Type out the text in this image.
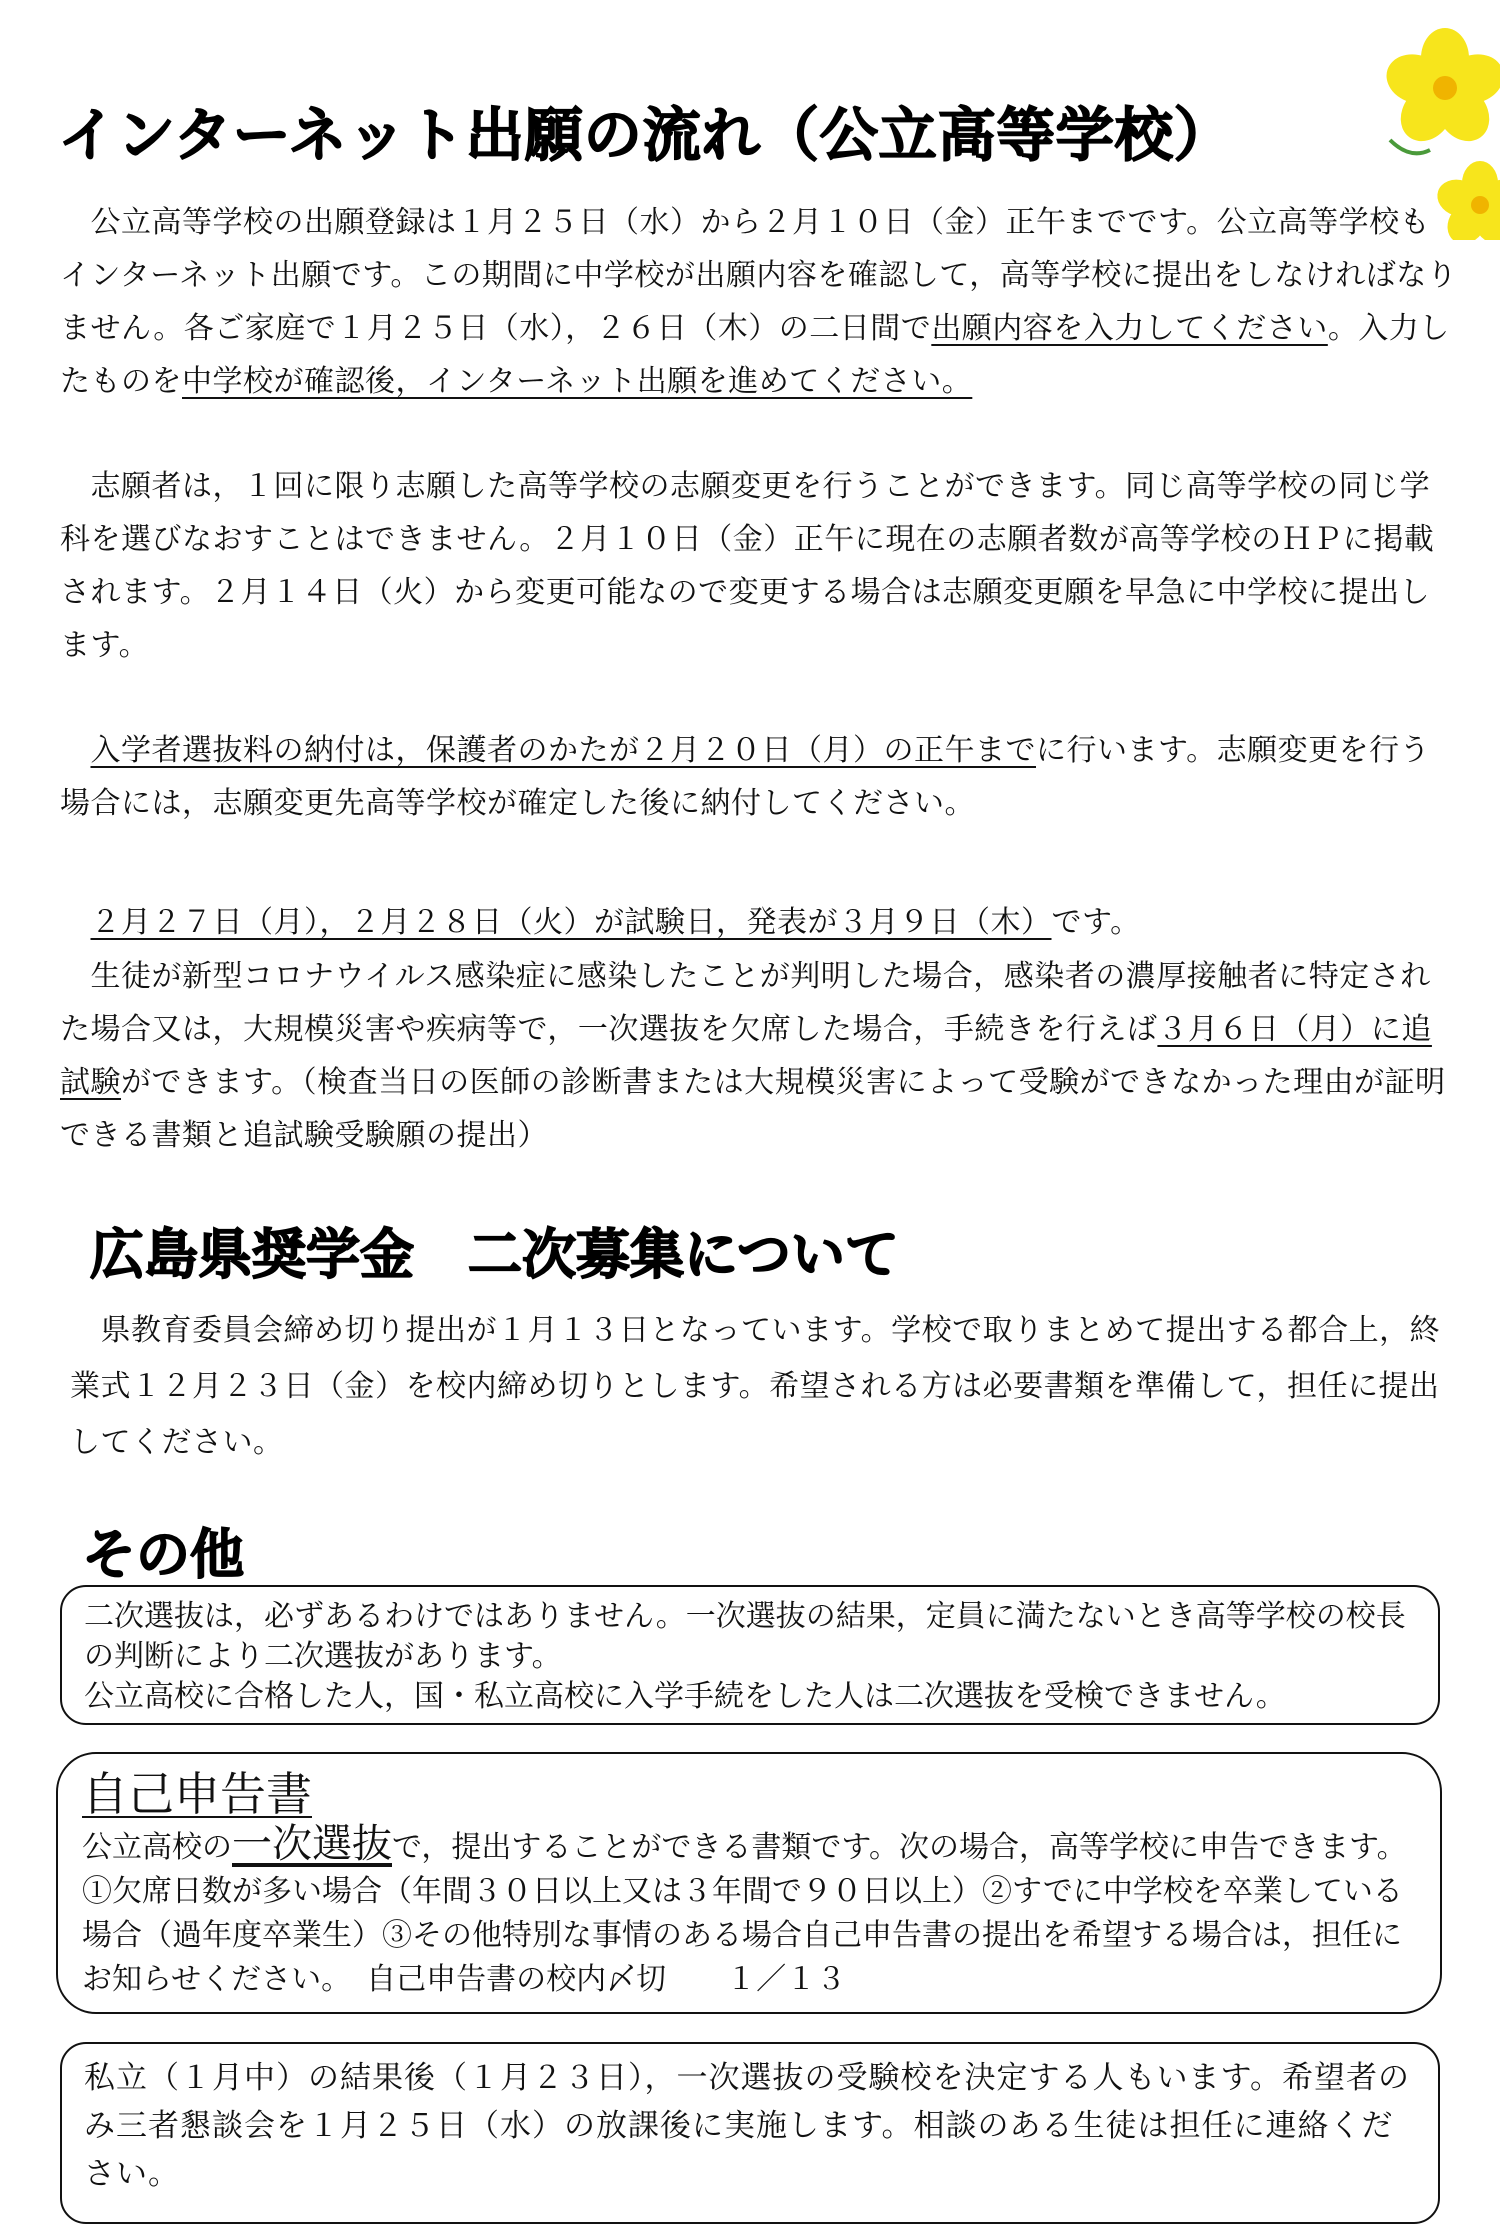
インターネット出願の流れ（公立高等学校）

　公立高等学校の出願登録は１月２５日（水）から２月１０日（金）正午までです。公立高等学校もインターネット出願です。この期間に中学校が出願内容を確認して，高等学校に提出をしなければなりません。各ご家庭で１月２５日（水），２６日（木）の二日間で出願内容を入力してください。入力したものを中学校が確認後，インターネット出願を進めてください。

　志願者は，１回に限り志願した高等学校の志願変更を行うことができます。同じ高等学校の同じ学科を選びなおすことはできません。２月１０日（金）正午に現在の志願者数が高等学校のＨＰに掲載されます。２月１４日（火）から変更可能なので変更する場合は志願変更願を早急に中学校に提出します。

　入学者選抜料の納付は，保護者のかたが２月２０日（月）の正午までに行います。志願変更を行う場合には，志願変更先高等学校が確定した後に納付してください。

　２月２７日（月），２月２８日（火）が試験日，発表が３月９日（木）です。

　生徒が新型コロナウイルス感染症に感染したことが判明した場合，感染者の濃厚接触者に特定された場合又は，大規模災害や疾病等で，一次選抜を欠席した場合，手続きを行えば３月６日（月）に追試験ができます。（検査当日の医師の診断書または大規模災害によって受験ができなかった理由が証明できる書類と追試験受験願の提出）

広島県奨学金　二次募集について

　県教育委員会締め切り提出が１月１３日となっています。学校で取りまとめて提出する都合上，終業式１２月２３日（金）を校内締め切りとします。希望される方は必要書類を準備して，担任に提出してください。

その他

二次選抜は，必ずあるわけではありません。一次選抜の結果，定員に満たないとき高等学校の校長の判断により二次選抜があります。

公立高校に合格した人，国・私立高校に入学手続をした人は二次選抜を受検できません。

自己申告書

公立高校の一次選抜で，提出することができる書類です。次の場合，高等学校に申告できます。①欠席日数が多い場合（年間３０日以上又は３年間で９０日以上）②すでに中学校を卒業している場合（過年度卒業生）③その他特別な事情のある場合自己申告書の提出を希望する場合は，担任にお知らせください。　自己申告書の校内〆切　　１／１３

私立（１月中）の結果後（１月２３日），一次選抜の受験校を決定する人もいます。希望者のみ三者懇談会を１月２５日（水）の放課後に実施します。相談のある生徒は担任に連絡ください。
